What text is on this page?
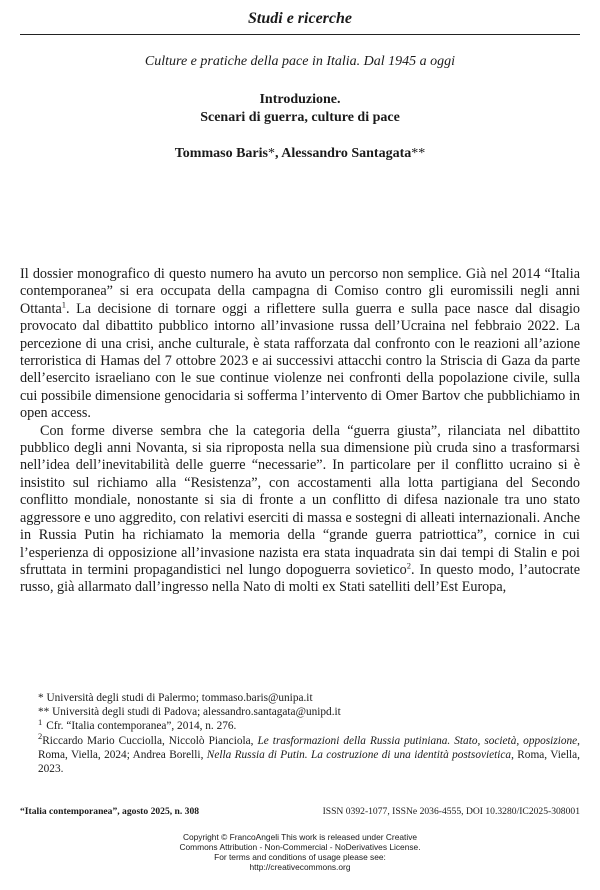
Studi e ricerche
Culture e pratiche della pace in Italia. Dal 1945 a oggi
Introduzione.
Scenari di guerra, culture di pace
Tommaso Baris*, Alessandro Santagata**

Il dossier monografico di questo numero ha avuto un percorso non semplice. Già nel 2014 “Italia contemporanea” si era occupata della campagna di Comiso contro gli euromissili negli anni Ottanta$^1$. La decisione di tornare oggi a riflettere sulla guerra e sulla pace nasce dal disagio provocato dal dibattito pubblico intorno all’invasione russa dell’Ucraina nel febbraio 2022. La percezione di una crisi, anche culturale, è stata rafforzata dal confronto con le reazioni all’azione terroristica di Hamas del 7 ottobre 2023 e ai successivi attacchi contro la Striscia di Gaza da parte dell’esercito israeliano con le sue continue violenze nei confronti della popolazione civile, sulla cui possibile dimensione genocidaria si sofferma l’intervento di Omer Bartov che pubblichiamo in open access.

Con forme diverse sembra che la categoria della “guerra giusta”, rilanciata nel dibattito pubblico degli anni Novanta, si sia riproposta nella sua dimensione più cruda sino a trasformarsi nell’idea dell’inevitabilità delle guerre “necessarie”. In particolare per il conflitto ucraino si è insistito sul richiamo alla “Resistenza”, con accostamenti alla lotta partigiana del Secondo conflitto mondiale, nonostante si sia di fronte a un conflitto di difesa nazionale tra uno stato aggressore e uno aggredito, con relativi eserciti di massa e sostegni di alleati internazionali. Anche in Russia Putin ha richiamato la memoria della “grande guerra patriottica”, cornice in cui l’esperienza di opposizione all’invasione nazista era stata inquadrata sin dai tempi di Stalin e poi sfruttata in termini propagandistici nel lungo dopoguerra sovietico$^2$. In questo modo, l’autocrate russo, già allarmato dall’ingresso nella Nato di molti ex Stati satelliti dell’Est Europa,

* Università degli studi di Palermo; tommaso.baris@unipa.it
** Università degli studi di Padova; alessandro.santagata@unipd.it
$^1$ Cfr. “Italia contemporanea”, 2014, n. 276.
$^2$Riccardo Mario Cucciolla, Niccolò Pianciola, Le trasformazioni della Russia putiniana. Stato, società, opposizione, Roma, Viella, 2024; Andrea Borelli, Nella Russia di Putin. La costruzione di una identità postsovietica, Roma, Viella, 2023.
“Italia contemporanea”, agosto 2025, n. 308	ISSN 0392-1077, ISSNe 2036-4555, DOI 10.3280/IC2025-308001
Copyright © FrancoAngeli This work is released under Creative
Commons Attribution - Non-Commercial - NoDerivatives License.
For terms and conditions of usage please see:
http://creativecommons.org
